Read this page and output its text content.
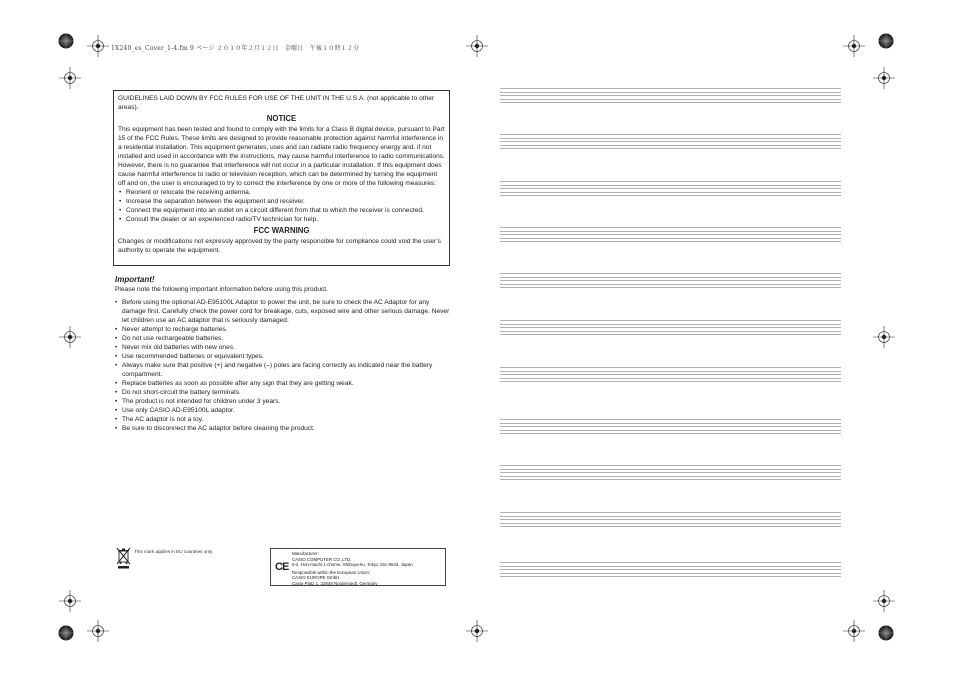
1X240_es_Cover_1-4.fm 9 ページ ２０１０年２月１２日　金曜日　午後１０時１２分

GUIDELINES LAID DOWN BY FCC RULES FOR USE OF THE UNIT IN THE U.S.A. (not applicable to other areas).

NOTICE

This equipment has been tested and found to comply with the limits for a Class B digital device, pursuant to Part 15 of the FCC Rules. These limits are designed to provide reasonable protection against harmful interference in a residential installation. This equipment generates, uses and can radiate radio frequency energy and, if not installed and used in accordance with the instructions, may cause harmful interference to radio communications. However, there is no guarantee that interference will not occur in a particular installation. If this equipment does cause harmful interference to radio or television reception, which can be determined by turning the equipment off and on, the user is encouraged to try to correct the interference by one or more of the following measures:

• Reorient or relocate the receiving antenna.
• Increase the separation between the equipment and receiver.
• Connect the equipment into an outlet on a circuit different from that to which the receiver is connected.
• Consult the dealer or an experienced radio/TV technician for help.
FCC WARNING

Changes or modifications not expressly approved by the party responsible for compliance could void the user’s authority to operate the equipment.

Important!

Please note the following important information before using this product.

• Before using the optional AD-E95100L Adaptor to power the unit, be sure to check the AC Adaptor for any damage first. Carefully check the power cord for breakage, cuts, exposed wire and other serious damage. Never let children use an AC adaptor that is seriously damaged.
• Never attempt to recharge batteries.
• Do not use rechargeable batteries.
• Never mix old batteries with new ones.
• Use recommended batteries or equivalent types.
• Always make sure that positive (+) and negative (–) poles are facing correctly as indicated near the battery compartment.
• Replace batteries as soon as possible after any sign that they are getting weak.
• Do not short-circuit the battery terminals.
• The product is not intended for children under 3 years.
• Use only CASIO AD-E95100L adaptor.
• The AC adaptor is not a toy.
• Be sure to disconnect the AC adaptor before cleaning the product.
This mark applies in EU countries only.
CE
Manufacturer:
CASIO COMPUTER CO.,LTD.
6-2, Hon-machi 1-chome, Shibuya-ku, Tokyo 151-8543, Japan
Responsible within the European Union:
CASIO EUROPE GmbH
Casio-Platz 1, 22848 Norderstedt, Germany
